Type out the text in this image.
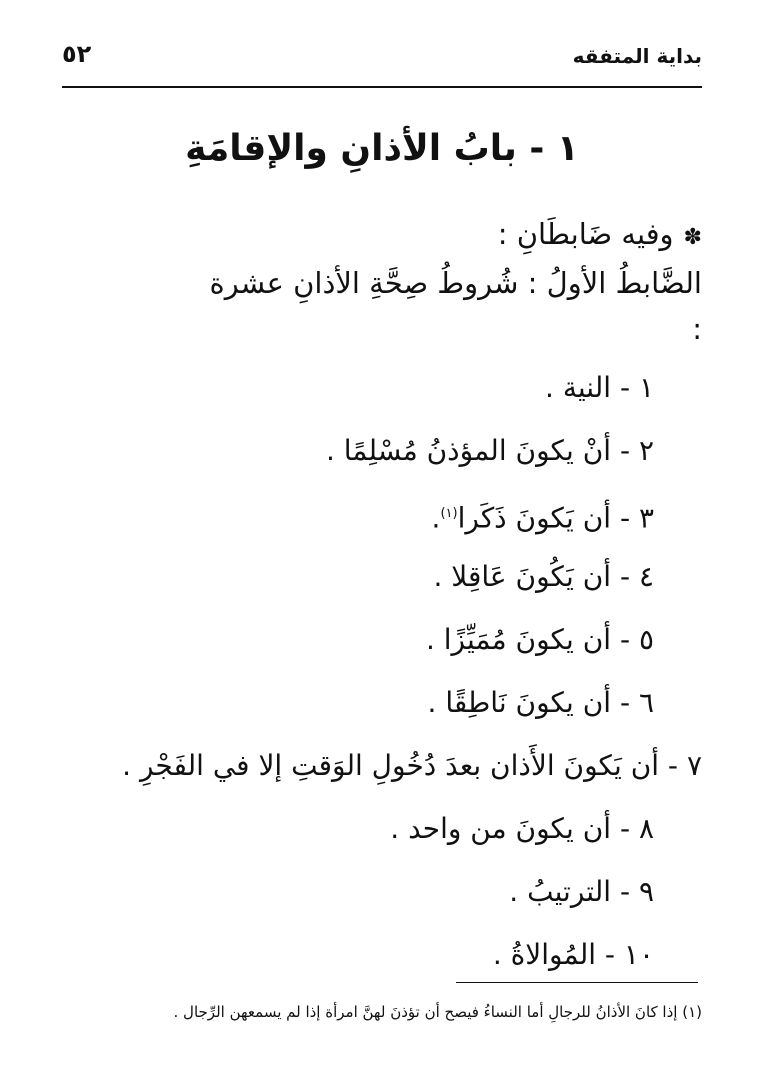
٥٢	بداية المتفقه
١ - بابُ الأذانِ والإقامَةِ
✽وفيه ضَابطَانِ :
الضَّابطُ الأولُ : شُروطُ صِحَّةِ الأذانِ عشرة
:
١ - النية .
٢ - أنْ يكونَ المؤذنُ مُسْلِمًا .
٣ - أن يَكونَ ذَكَرا$^{(١)}$.
٤ - أن يَكُونَ عَاقِلا .
٥ - أن يكونَ مُمَيِّزًا .
٦ - أن يكونَ نَاطِقًا .
٧ - أن يَكونَ الأَذان بعدَ دُخُولِ الوَقتِ إلا في الفَجْرِ .
٨ - أن يكونَ من واحد .
٩ - الترتيبُ .
١٠ - المُوالاةُ .
(١) إذا كانَ الأذانُ للرجالِ أما النساءُ فيصح أن تؤذنَ لهنَّ امرأة إذا لم يسمعهن الرِّجال .
